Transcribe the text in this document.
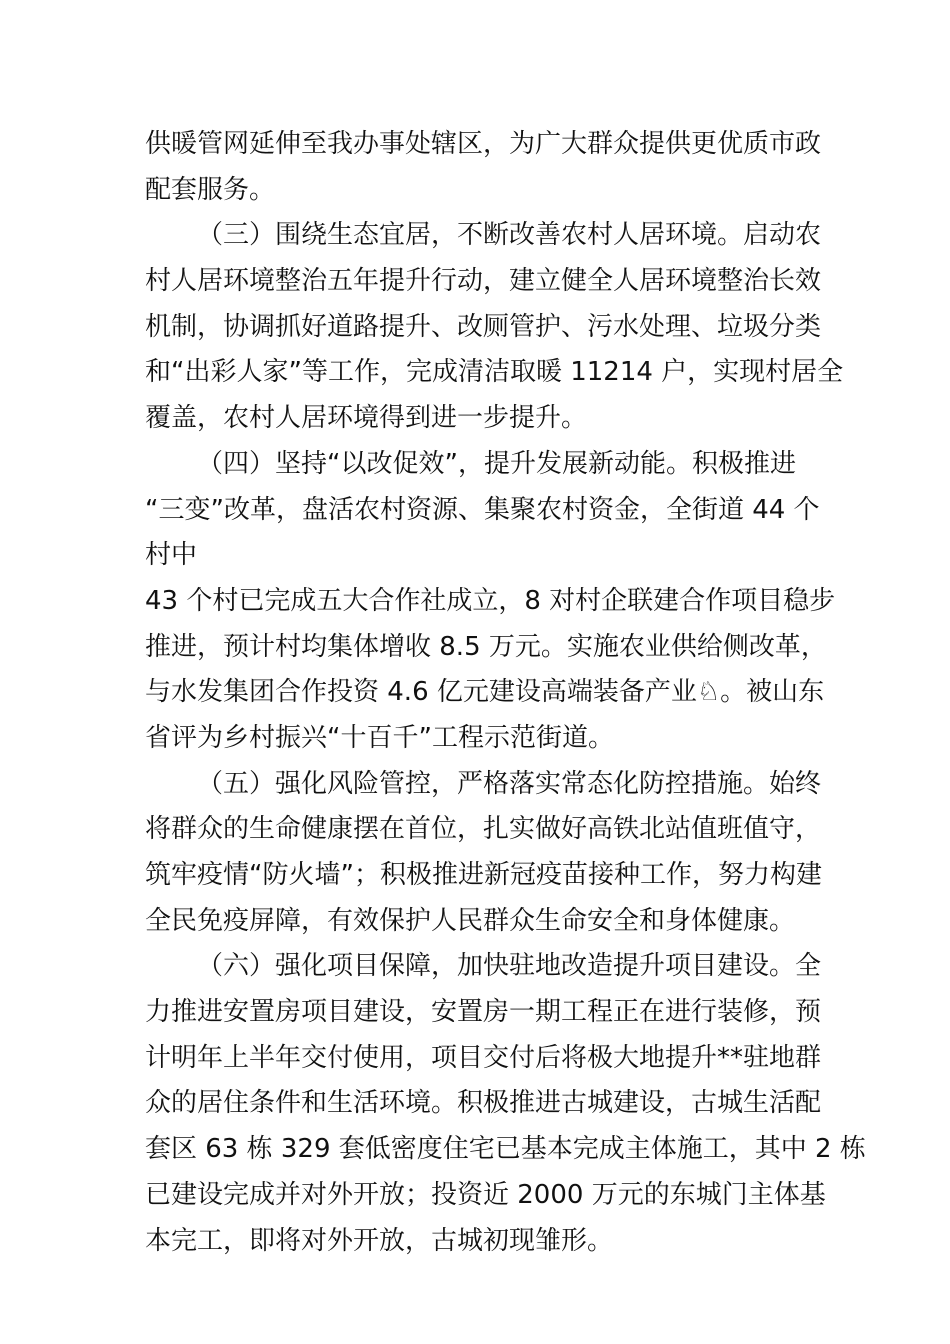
供暖管网延伸至我办事处辖区，为广大群众提供更优质市政
配套服务。
（三）围绕生态宜居，不断改善农村人居环境。启动农
村人居环境整治五年提升行动，建立健全人居环境整治长效
机制，协调抓好道路提升、改厕管护、污水处理、垃圾分类
和“出彩人家”等工作，完成清洁取暖 11214 户，实现村居全
覆盖，农村人居环境得到进一步提升。
（四）坚持“以改促效”，提升发展新动能。积极推进
“三变”改革，盘活农村资源、集聚农村资金，全街道 44 个
村中
43 个村已完成五大合作社成立，8 对村企联建合作项目稳步
推进，预计村均集体增收 8.5 万元。实施农业供给侧改革，
与水发集团合作投资 4.6 亿元建设高端装备产业♘。被山东
省评为乡村振兴“十百千”工程示范街道。
（五）强化风险管控，严格落实常态化防控措施。始终
将群众的生命健康摆在首位，扎实做好高铁北站值班值守，
筑牢疫情“防火墙”；积极推进新冠疫苗接种工作，努力构建
全民免疫屏障，有效保护人民群众生命安全和身体健康。
（六）强化项目保障，加快驻地改造提升项目建设。全
力推进安置房项目建设，安置房一期工程正在进行装修，预
计明年上半年交付使用，项目交付后将极大地提升**驻地群
众的居住条件和生活环境。积极推进古城建设，古城生活配
套区 63 栋 329 套低密度住宅已基本完成主体施工，其中 2 栋
已建设完成并对外开放；投资近 2000 万元的东城门主体基
本完工，即将对外开放，古城初现雏形。
